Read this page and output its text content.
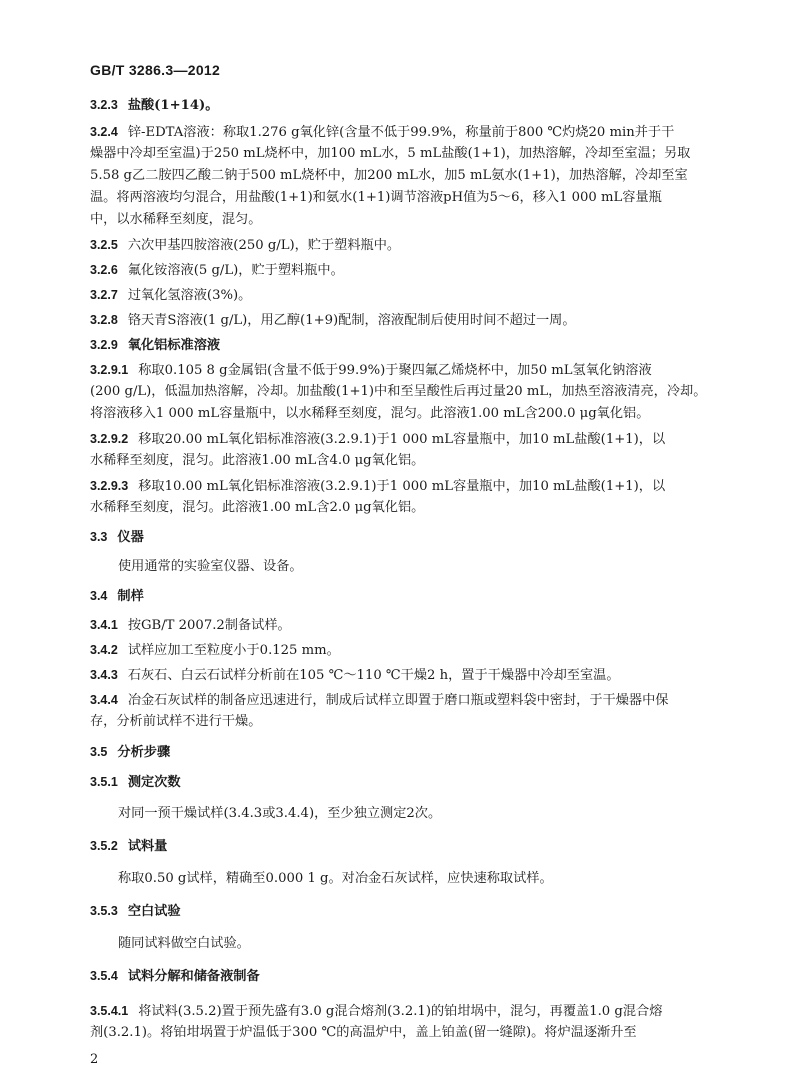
GB/T 3286.3—2012
3.2.3 盐酸(1+14)。
3.2.4 锌-EDTA溶液：称取1.276 g氧化锌(含量不低于99.9%，称量前于800 ℃灼烧20 min并于干
燥器中冷却至室温)于250 mL烧杯中，加100 mL水，5 mL盐酸(1+1)，加热溶解，冷却至室温；另取
5.58 g乙二胺四乙酸二钠于500 mL烧杯中，加200 mL水，加5 mL氨水(1+1)，加热溶解，冷却至室
温。将两溶液均匀混合，用盐酸(1+1)和氨水(1+1)调节溶液pH值为5～6，移入1 000 mL容量瓶
中，以水稀释至刻度，混匀。
3.2.5 六次甲基四胺溶液(250 g/L)，贮于塑料瓶中。
3.2.6 氟化铵溶液(5 g/L)，贮于塑料瓶中。
3.2.7 过氧化氢溶液(3%)。
3.2.8 铬天青S溶液(1 g/L)，用乙醇(1+9)配制，溶液配制后使用时间不超过一周。
3.2.9 氧化铝标准溶液
3.2.9.1 称取0.105 8 g金属铝(含量不低于99.9%)于聚四氟乙烯烧杯中，加50 mL氢氧化钠溶液
(200 g/L)，低温加热溶解，冷却。加盐酸(1+1)中和至呈酸性后再过量20 mL，加热至溶液清亮，冷却。
将溶液移入1 000 mL容量瓶中，以水稀释至刻度，混匀。此溶液1.00 mL含200.0 μg氧化铝。
3.2.9.2 移取20.00 mL氧化铝标准溶液(3.2.9.1)于1 000 mL容量瓶中，加10 mL盐酸(1+1)，以
水稀释至刻度，混匀。此溶液1.00 mL含4.0 μg氧化铝。
3.2.9.3 移取10.00 mL氧化铝标准溶液(3.2.9.1)于1 000 mL容量瓶中，加10 mL盐酸(1+1)，以
水稀释至刻度，混匀。此溶液1.00 mL含2.0 μg氧化铝。
3.3 仪器
使用通常的实验室仪器、设备。
3.4 制样
3.4.1 按GB/T 2007.2制备试样。
3.4.2 试样应加工至粒度小于0.125 mm。
3.4.3 石灰石、白云石试样分析前在105 ℃～110 ℃干燥2 h，置于干燥器中冷却至室温。
3.4.4 冶金石灰试样的制备应迅速进行，制成后试样立即置于磨口瓶或塑料袋中密封，于干燥器中保
存，分析前试样不进行干燥。
3.5 分析步骤
3.5.1 测定次数
对同一预干燥试样(3.4.3或3.4.4)，至少独立测定2次。
3.5.2 试料量
称取0.50 g试样，精确至0.000 1 g。对冶金石灰试样，应快速称取试样。
3.5.3 空白试验
随同试料做空白试验。
3.5.4 试料分解和储备液制备
3.5.4.1 将试料(3.5.2)置于预先盛有3.0 g混合熔剂(3.2.1)的铂坩埚中，混匀，再覆盖1.0 g混合熔
剂(3.2.1)。将铂坩埚置于炉温低于300 ℃的高温炉中，盖上铂盖(留一缝隙)。将炉温逐渐升至
2
